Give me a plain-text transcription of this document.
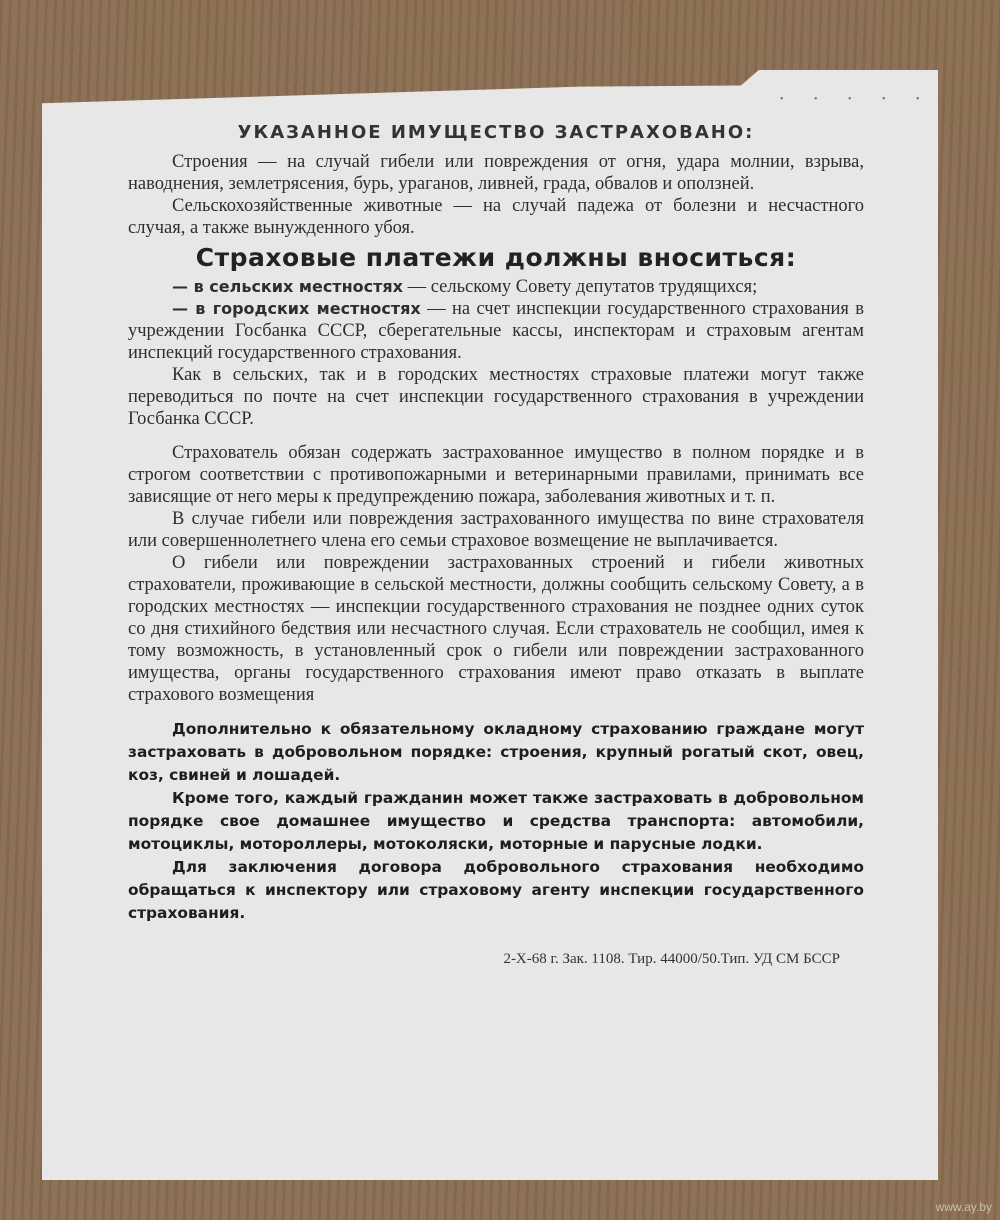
• • • • • •
УКАЗАННОЕ ИМУЩЕСТВО ЗАСТРАХОВАНО:

Строения — на случай гибели или повреждения от огня, удара молнии, взрыва, наводнения, землетрясения, бурь, ураганов, ливней, града, обвалов и оползней.

Сельскохозяйственные животные — на случай падежа от болезни и несчастного случая, а также вынужденного убоя.

Страховые платежи должны вноситься:

— в сельских местностях — сельскому Совету депутатов трудящихся;

— в городских местностях — на счет инспекции государственного страхования в учреждении Госбанка СССР, сберегательные кассы, инспекторам и страховым агентам инспекций государственного страхования.

Как в сельских, так и в городских местностях страховые платежи могут также переводиться по почте на счет инспекции государственного страхования в учреждении Госбанка СССР.

Страхователь обязан содержать застрахованное имущество в полном порядке и в строгом соответствии с противопожарными и ветеринарными правилами, принимать все зависящие от него меры к предупреждению пожара, заболевания животных и т. п.

В случае гибели или повреждения застрахованного имущества по вине страхователя или совершеннолетнего члена его семьи страховое возмещение не выплачивается.

О гибели или повреждении застрахованных строений и гибели животных страхователи, проживающие в сельской местности, должны сообщить сельскому Совету, а в городских местностях — инспекции государственного страхования не позднее одних суток со дня стихийного бедствия или несчастного случая. Если страхователь не сообщил, имея к тому возможность, в установленный срок о гибели или повреждении застрахованного имущества, органы государственного страхования имеют право отказать в выплате страхового возмещения

Дополнительно к обязательному окладному страхованию граждане могут застраховать в добровольном порядке: строения, крупный рогатый скот, овец, коз, свиней и лошадей.

Кроме того, каждый гражданин может также застраховать в добровольном порядке свое домашнее имущество и средства транспорта: автомобили, мотоциклы, мотороллеры, мотоколяски, моторные и парусные лодки.

Для заключения договора добровольного страхования необходимо обращаться к инспектору или страховому агенту инспекции государственного страхования.

2-Х-68 г. Зак. 1108. Тир. 44000/50.Тип. УД СМ БССР
www.ay.by
